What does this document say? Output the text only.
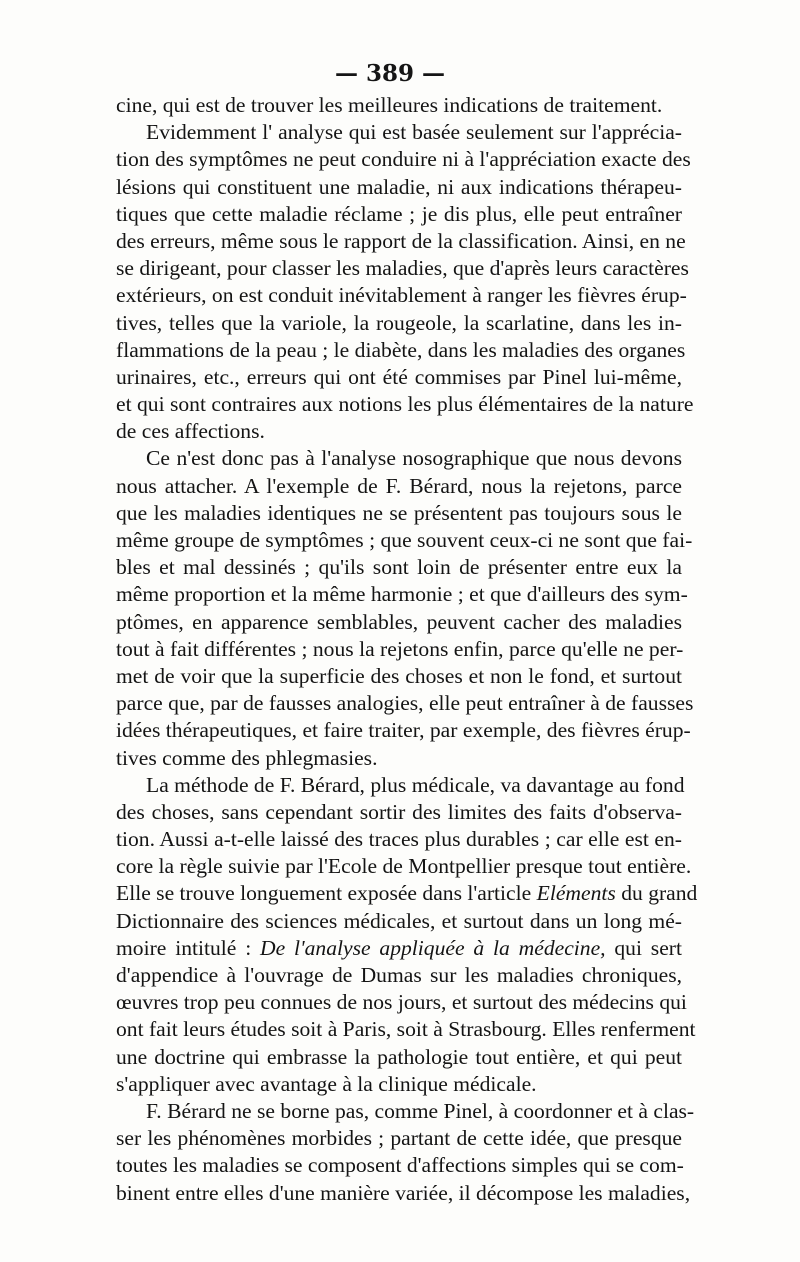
— 389 —
cine, qui est de trouver les meilleures indications de traitement.
Evidemment l' analyse qui est basée seulement sur l'apprécia-
tion des symptômes ne peut conduire ni à l'appréciation exacte des
lésions qui constituent une maladie, ni aux indications thérapeu-
tiques que cette maladie réclame ; je dis plus, elle peut entraîner
des erreurs, même sous le rapport de la classification. Ainsi, en ne
se dirigeant, pour classer les maladies, que d'après leurs caractères
extérieurs, on est conduit inévitablement à ranger les fièvres érup-
tives, telles que la variole, la rougeole, la scarlatine, dans les in-
flammations de la peau ; le diabète, dans les maladies des organes
urinaires, etc., erreurs qui ont été commises par Pinel lui-même,
et qui sont contraires aux notions les plus élémentaires de la nature
de ces affections.
Ce n'est donc pas à l'analyse nosographique que nous devons
nous attacher. A l'exemple de F. Bérard, nous la rejetons, parce
que les maladies identiques ne se présentent pas toujours sous le
même groupe de symptômes ; que souvent ceux-ci ne sont que fai-
bles et mal dessinés ; qu'ils sont loin de présenter entre eux la
même proportion et la même harmonie ; et que d'ailleurs des sym-
ptômes, en apparence semblables, peuvent cacher des maladies
tout à fait différentes ; nous la rejetons enfin, parce qu'elle ne per-
met de voir que la superficie des choses et non le fond, et surtout
parce que, par de fausses analogies, elle peut entraîner à de fausses
idées thérapeutiques, et faire traiter, par exemple, des fièvres érup-
tives comme des phlegmasies.
La méthode de F. Bérard, plus médicale, va davantage au fond
des choses, sans cependant sortir des limites des faits d'observa-
tion. Aussi a-t-elle laissé des traces plus durables ; car elle est en-
core la règle suivie par l'Ecole de Montpellier presque tout entière.
Elle se trouve longuement exposée dans l'article Eléments du grand
Dictionnaire des sciences médicales, et surtout dans un long mé-
moire intitulé : De l'analyse appliquée à la médecine, qui sert
d'appendice à l'ouvrage de Dumas sur les maladies chroniques,
œuvres trop peu connues de nos jours, et surtout des médecins qui
ont fait leurs études soit à Paris, soit à Strasbourg. Elles renferment
une doctrine qui embrasse la pathologie tout entière, et qui peut
s'appliquer avec avantage à la clinique médicale.
F. Bérard ne se borne pas, comme Pinel, à coordonner et à clas-
ser les phénomènes morbides ; partant de cette idée, que presque
toutes les maladies se composent d'affections simples qui se com-
binent entre elles d'une manière variée, il décompose les maladies,
